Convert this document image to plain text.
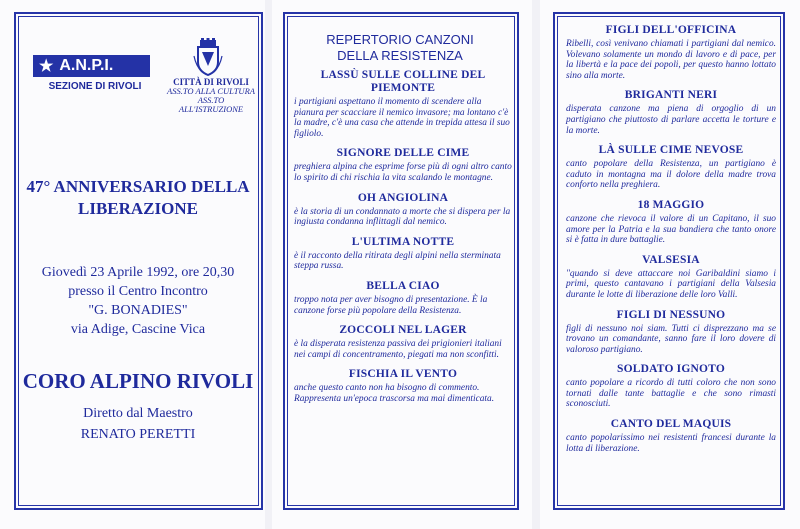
★ A.N.P.I.
SEZIONE DI RIVOLI	CITTÀ DI RIVOLI
ASS.TO ALLA CULTURA
ASS.TO ALL'ISTRUZIONE
47° ANNIVERSARIO DELLA
LIBERAZIONE
Giovedì 23 Aprile 1992, ore 20,30
presso il Centro Incontro
"G. BONADIES"
via Adige, Cascine Vica
CORO ALPINO RIVOLI
Diretto dal Maestro
RENATO PERETTI
REPERTORIO CANZONI
DELLA RESISTENZA
LASSÙ SULLE COLLINE DEL PIEMONTE

i partigiani aspettano il momento di scendere alla pianura per scacciare il nemico invasore; ma lontano c'è la madre, c'è una casa che attende in trepida attesa il suo figliolo.

SIGNORE DELLE CIME

preghiera alpina che esprime forse più di ogni altro canto lo spirito di chi rischia la vita scalando le montagne.

OH ANGIOLINA

è la storia di un condannato a morte che si dispera per la ingiusta condanna inflittagli dal nemico.

L'ULTIMA NOTTE

è il racconto della ritirata degli alpini nella sterminata steppa russa.

BELLA CIAO

troppo nota per aver bisogno di presentazione. È la canzone forse più popolare della Resistenza.

ZOCCOLI NEL LAGER

è la disperata resistenza passiva dei prigionieri italiani nei campi di concentramento, piegati ma non sconfitti.

FISCHIA IL VENTO

anche questo canto non ha bisogno di commento. Rappresenta un'epoca trascorsa ma mai dimenticata.

FIGLI DELL'OFFICINA

Ribelli, così venivano chiamati i partigiani dal nemico. Volevano solamente un mondo di lavoro e di pace, per la libertà e la pace dei popoli, per questo hanno lottato sino alla morte.

BRIGANTI NERI

disperata canzone ma piena di orgoglio di un partigiano che piuttosto di parlare accetta le torture e la morte.

LÀ SULLE CIME NEVOSE

canto popolare della Resistenza, un partigiano è caduto in montagna ma il dolore della madre trova conforto nella preghiera.

18 MAGGIO

canzone che rievoca il valore di un Capitano, il suo amore per la Patria e la sua bandiera che tanto onore si è fatta in dure battaglie.

VALSESIA

"quando si deve attaccare noi Garibaldini siamo i primi, questo cantavano i partigiani della Valsesia durante le lotte di liberazione delle loro Valli.

FIGLI DI NESSUNO

figli di nessuno noi siam. Tutti ci disprezzano ma se trovano un comandante, sanno fare il loro dovere di valoroso partigiano.

SOLDATO IGNOTO

canto popolare a ricordo di tutti coloro che non sono tornati dalle tante battaglie e che sono rimasti sconosciuti.

CANTO DEL MAQUIS

canto popolarissimo nei resistenti francesi durante la lotta di liberazione.
